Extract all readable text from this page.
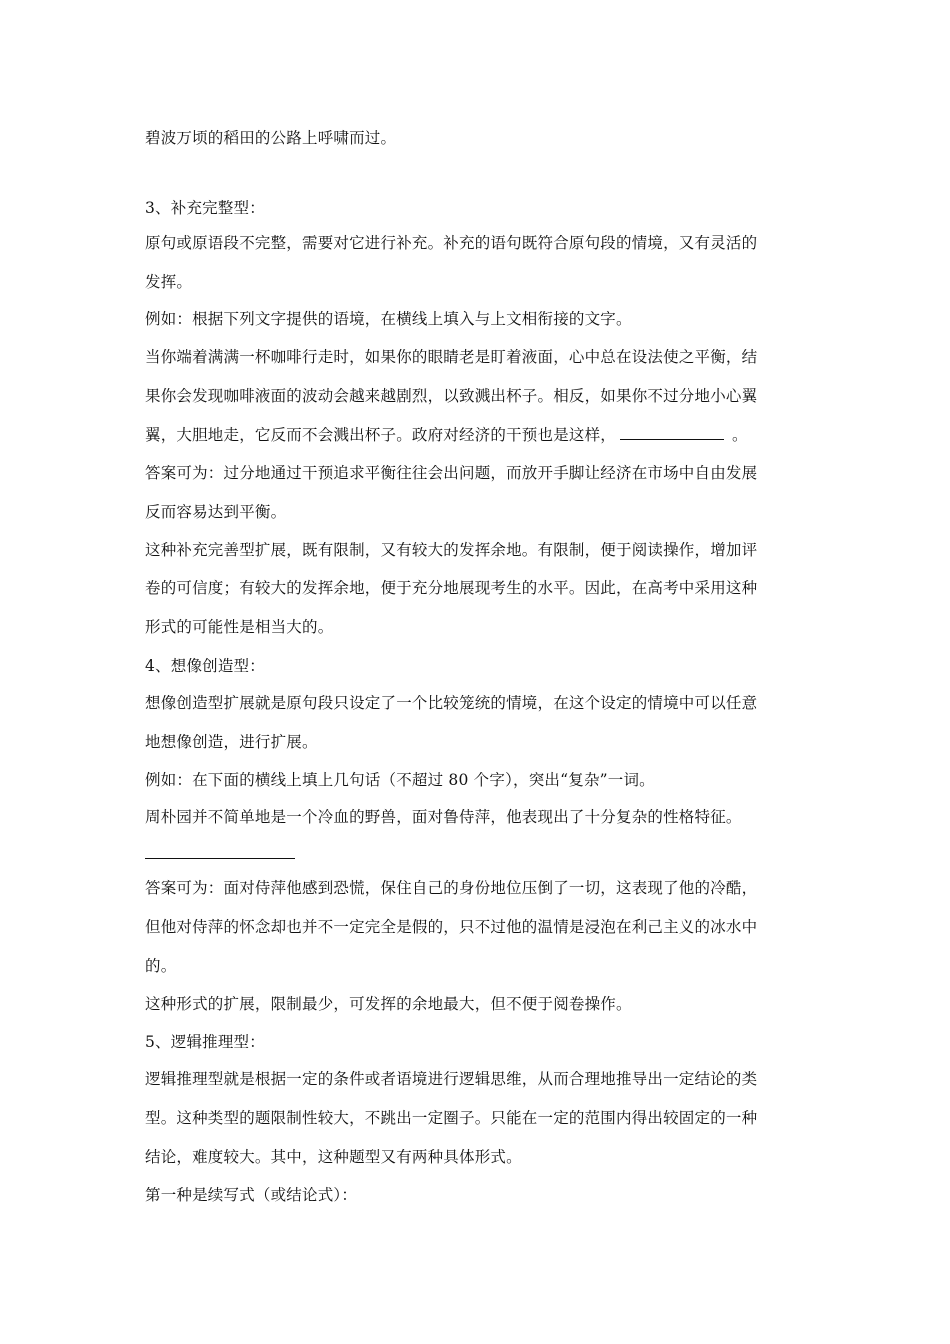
碧波万顷的稻田的公路上呼啸而过。
3、补充完整型：
原句或原语段不完整，需要对它进行补充。补充的语句既符合原句段的情境，又有灵活的
发挥。
例如：根据下列文字提供的语境，在横线上填入与上文相衔接的文字。
当你端着满满一杯咖啡行走时，如果你的眼睛老是盯着液面，心中总在设法使之平衡，结
果你会发现咖啡液面的波动会越来越剧烈，以致溅出杯子。相反，如果你不过分地小心翼
翼，大胆地走，它反而不会溅出杯子。政府对经济的干预也是这样，	。
答案可为：过分地通过干预追求平衡往往会出问题，而放开手脚让经济在市场中自由发展
反而容易达到平衡。
这种补充完善型扩展，既有限制，又有较大的发挥余地。有限制，便于阅读操作，增加评
卷的可信度；有较大的发挥余地，便于充分地展现考生的水平。因此，在高考中采用这种
形式的可能性是相当大的。
4、想像创造型：
想像创造型扩展就是原句段只设定了一个比较笼统的情境，在这个设定的情境中可以任意
地想像创造，进行扩展。
例如：在下面的横线上填上几句话（不超过 80 个字），突出“复杂”一词。
周朴园并不简单地是一个冷血的野兽，面对鲁侍萍，他表现出了十分复杂的性格特征。
答案可为：面对侍萍他感到恐慌，保住自己的身份地位压倒了一切，这表现了他的冷酷，
但他对侍萍的怀念却也并不一定完全是假的，只不过他的温情是浸泡在利己主义的冰水中
的。
这种形式的扩展，限制最少，可发挥的余地最大，但不便于阅卷操作。
5、逻辑推理型：
逻辑推理型就是根据一定的条件或者语境进行逻辑思维，从而合理地推导出一定结论的类
型。这种类型的题限制性较大，不跳出一定圈子。只能在一定的范围内得出较固定的一种
结论，难度较大。其中，这种题型又有两种具体形式。
第一种是续写式（或结论式）：
